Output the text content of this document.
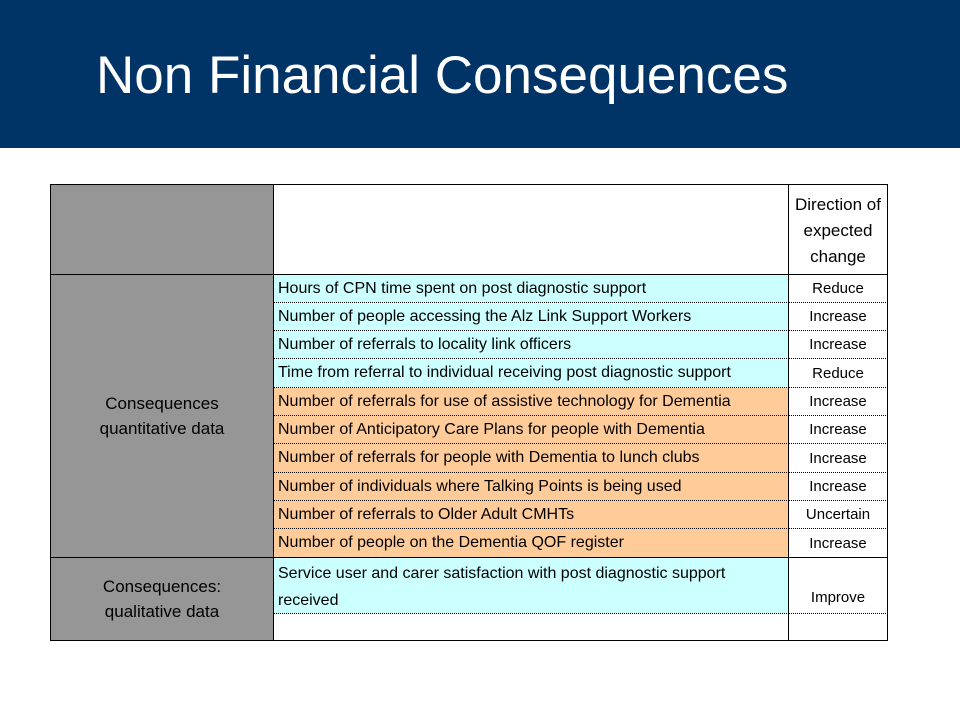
Non Financial Consequences
Direction of
expected
change
Consequences
quantitative data
Hours of CPN time spent on post diagnostic support	Reduce
Number of people accessing the Alz Link Support Workers	Increase
Number of referrals to locality link officers	Increase
Time from referral to individual receiving post diagnostic support	Reduce
Number of referrals for use of assistive technology for Dementia	Increase
Number of Anticipatory Care Plans for people with Dementia	Increase
Number of referrals for people with Dementia to lunch clubs	Increase
Number of individuals where Talking Points is being used	Increase
Number of referrals to Older Adult CMHTs	Uncertain
Number of people on the Dementia QOF register	Increase
Consequences:
qualitative data
Service user and carer satisfaction with post diagnostic support
received	Improve
